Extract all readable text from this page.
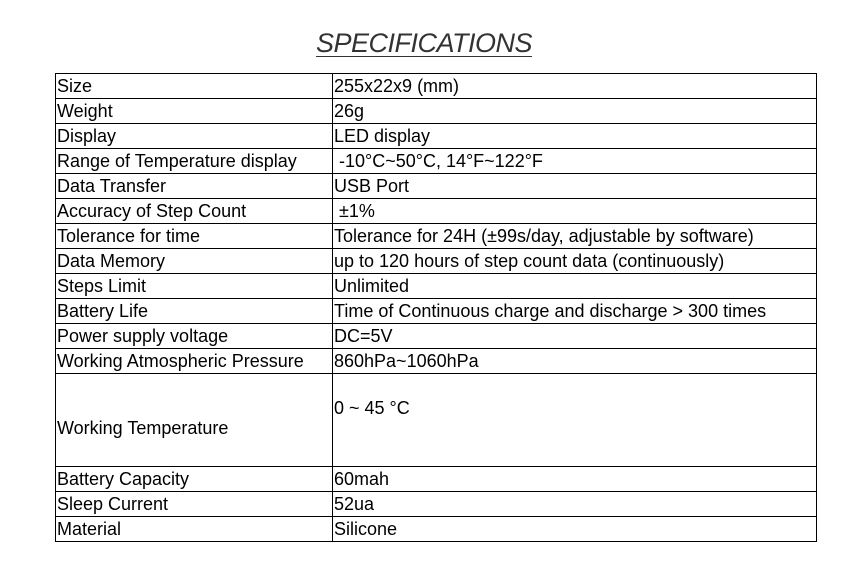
SPECIFICATIONS
Size	255x22x9 (mm)
Weight	26g
Display	LED display
Range of Temperature display	-10°C~50°C, 14°F~122°F
Data Transfer	USB Port
Accuracy of Step Count	±1%
Tolerance for time	Tolerance for 24H (±99s/day, adjustable by software)
Data Memory	up to 120 hours of step count data (continuously)
Steps Limit	Unlimited
Battery Life	Time of Continuous charge and discharge > 300 times
Power supply voltage	DC=5V
Working Atmospheric Pressure	860hPa~1060hPa
Working Temperature	0 ~ 45 °C
Battery Capacity	60mah
Sleep Current	52ua
Material	Silicone
